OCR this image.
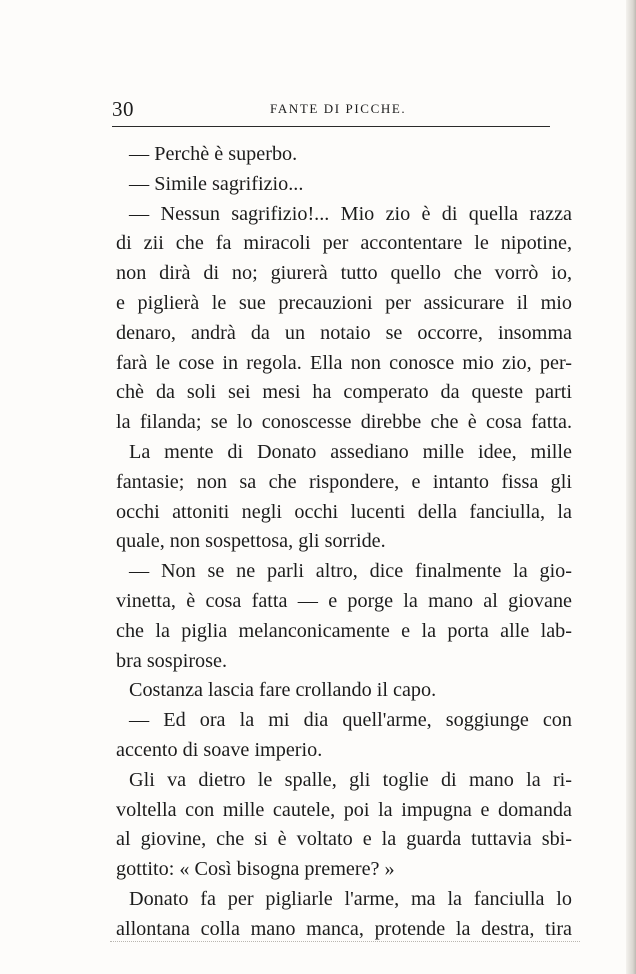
30	FANTE DI PICCHE.
— Perchè è superbo.
— Simile sagrifizio...
— Nessun sagrifizio!... Mio zio è di quella razza
di zii che fa miracoli per accontentare le nipotine,
non dirà di no; giurerà tutto quello che vorrò io,
e piglierà le sue precauzioni per assicurare il mio
denaro, andrà da un notaio se occorre, insomma
farà le cose in regola. Ella non conosce mio zio, per-
chè da soli sei mesi ha comperato da queste parti
la filanda; se lo conoscesse direbbe che è cosa fatta.
La mente di Donato assediano mille idee, mille
fantasie; non sa che rispondere, e intanto fissa gli
occhi attoniti negli occhi lucenti della fanciulla, la
quale, non sospettosa, gli sorride.
— Non se ne parli altro, dice finalmente la gio-
vinetta, è cosa fatta — e porge la mano al giovane
che la piglia melanconicamente e la porta alle lab-
bra sospirose.
Costanza lascia fare crollando il capo.
— Ed ora la mi dia quell'arme, soggiunge con
accento di soave imperio.
Gli va dietro le spalle, gli toglie di mano la ri-
voltella con mille cautele, poi la impugna e domanda
al giovine, che si è voltato e la guarda tuttavia sbi-
gottito: « Così bisogna premere? »
Donato fa per pigliarle l'arme, ma la fanciulla lo
allontana colla mano manca, protende la destra, tira
